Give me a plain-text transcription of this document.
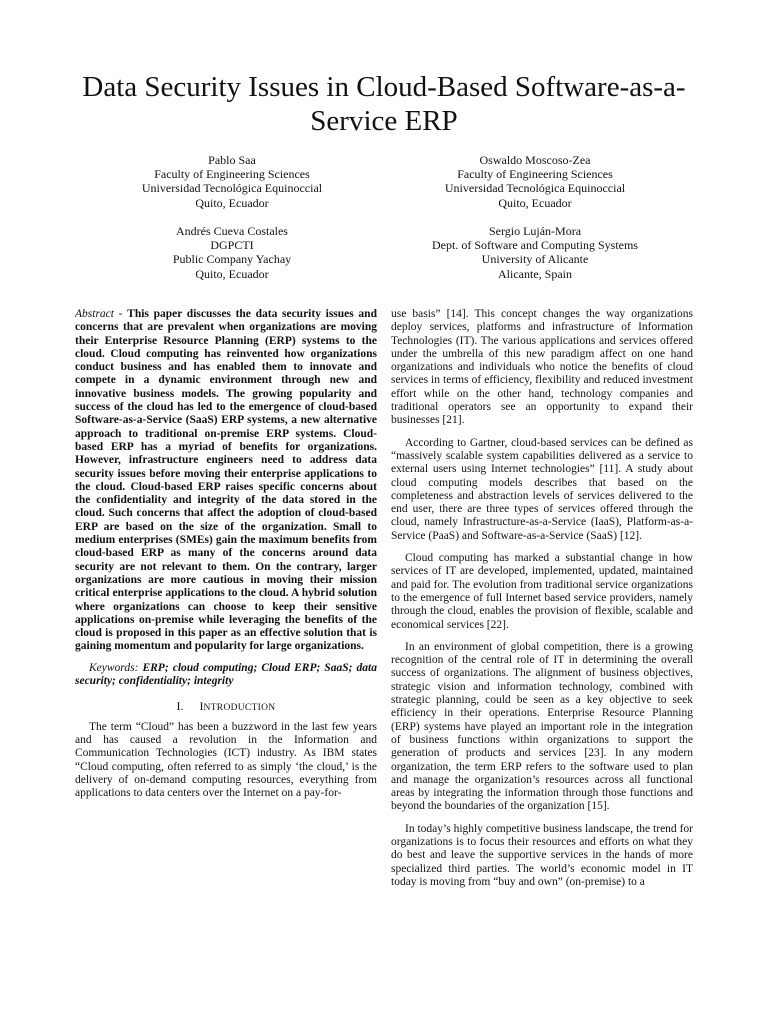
Data Security Issues in Cloud-Based Software-as-a-Service ERP
Pablo Saa
Faculty of Engineering Sciences
Universidad Tecnológica Equinoccial
Quito, Ecuador
Oswaldo Moscoso-Zea
Faculty of Engineering Sciences
Universidad Tecnológica Equinoccial
Quito, Ecuador
Andrés Cueva Costales
DGPCTI
Public Company Yachay
Quito, Ecuador
Sergio Luján-Mora
Dept. of Software and Computing Systems
University of Alicante
Alicante, Spain

Abstract - This paper discusses the data security issues and concerns that are prevalent when organizations are moving their Enterprise Resource Planning (ERP) systems to the cloud. Cloud computing has reinvented how organizations conduct business and has enabled them to innovate and compete in a dynamic environment through new and innovative business models. The growing popularity and success of the cloud has led to the emergence of cloud-based Software-as-a-Service (SaaS) ERP systems, a new alternative approach to traditional on-premise ERP systems. Cloud-based ERP has a myriad of benefits for organizations. However, infrastructure engineers need to address data security issues before moving their enterprise applications to the cloud. Cloud-based ERP raises specific concerns about the confidentiality and integrity of the data stored in the cloud. Such concerns that affect the adoption of cloud-based ERP are based on the size of the organization. Small to medium enterprises (SMEs) gain the maximum benefits from cloud-based ERP as many of the concerns around data security are not relevant to them. On the contrary, larger organizations are more cautious in moving their mission critical enterprise applications to the cloud. A hybrid solution where organizations can choose to keep their sensitive applications on-premise while leveraging the benefits of the cloud is proposed in this paper as an effective solution that is gaining momentum and popularity for large organizations.

Keywords: ERP; cloud computing; Cloud ERP; SaaS; data security; confidentiality; integrity

I. INTRODUCTION

The term “Cloud” has been a buzzword in the last few years and has caused a revolution in the Information and Communication Technologies (ICT) industry. As IBM states “Cloud computing, often referred to as simply ‘the cloud,’ is the delivery of on-demand computing resources, everything from applications to data centers over the Internet on a pay-for-

use basis” [14]. This concept changes the way organizations deploy services, platforms and infrastructure of Information Technologies (IT). The various applications and services offered under the umbrella of this new paradigm affect on one hand organizations and individuals who notice the benefits of cloud services in terms of efficiency, flexibility and reduced investment effort while on the other hand, technology companies and traditional operators see an opportunity to expand their businesses [21].

According to Gartner, cloud-based services can be defined as “massively scalable system capabilities delivered as a service to external users using Internet technologies” [11]. A study about cloud computing models describes that based on the completeness and abstraction levels of services delivered to the end user, there are three types of services offered through the cloud, namely Infrastructure-as-a-Service (IaaS), Platform-as-a-Service (PaaS) and Software-as-a-Service (SaaS) [12].

Cloud computing has marked a substantial change in how services of IT are developed, implemented, updated, maintained and paid for. The evolution from traditional service organizations to the emergence of full Internet based service providers, namely through the cloud, enables the provision of flexible, scalable and economical services [22].

In an environment of global competition, there is a growing recognition of the central role of IT in determining the overall success of organizations. The alignment of business objectives, strategic vision and information technology, combined with strategic planning, could be seen as a key objective to seek efficiency in their operations. Enterprise Resource Planning (ERP) systems have played an important role in the integration of business functions within organizations to support the generation of products and services [23]. In any modern organization, the term ERP refers to the software used to plan and manage the organization’s resources across all functional areas by integrating the information through those functions and beyond the boundaries of the organization [15].

In today’s highly competitive business landscape, the trend for organizations is to focus their resources and efforts on what they do best and leave the supportive services in the hands of more specialized third parties. The world’s economic model in IT today is moving from “buy and own” (on-premise) to a
